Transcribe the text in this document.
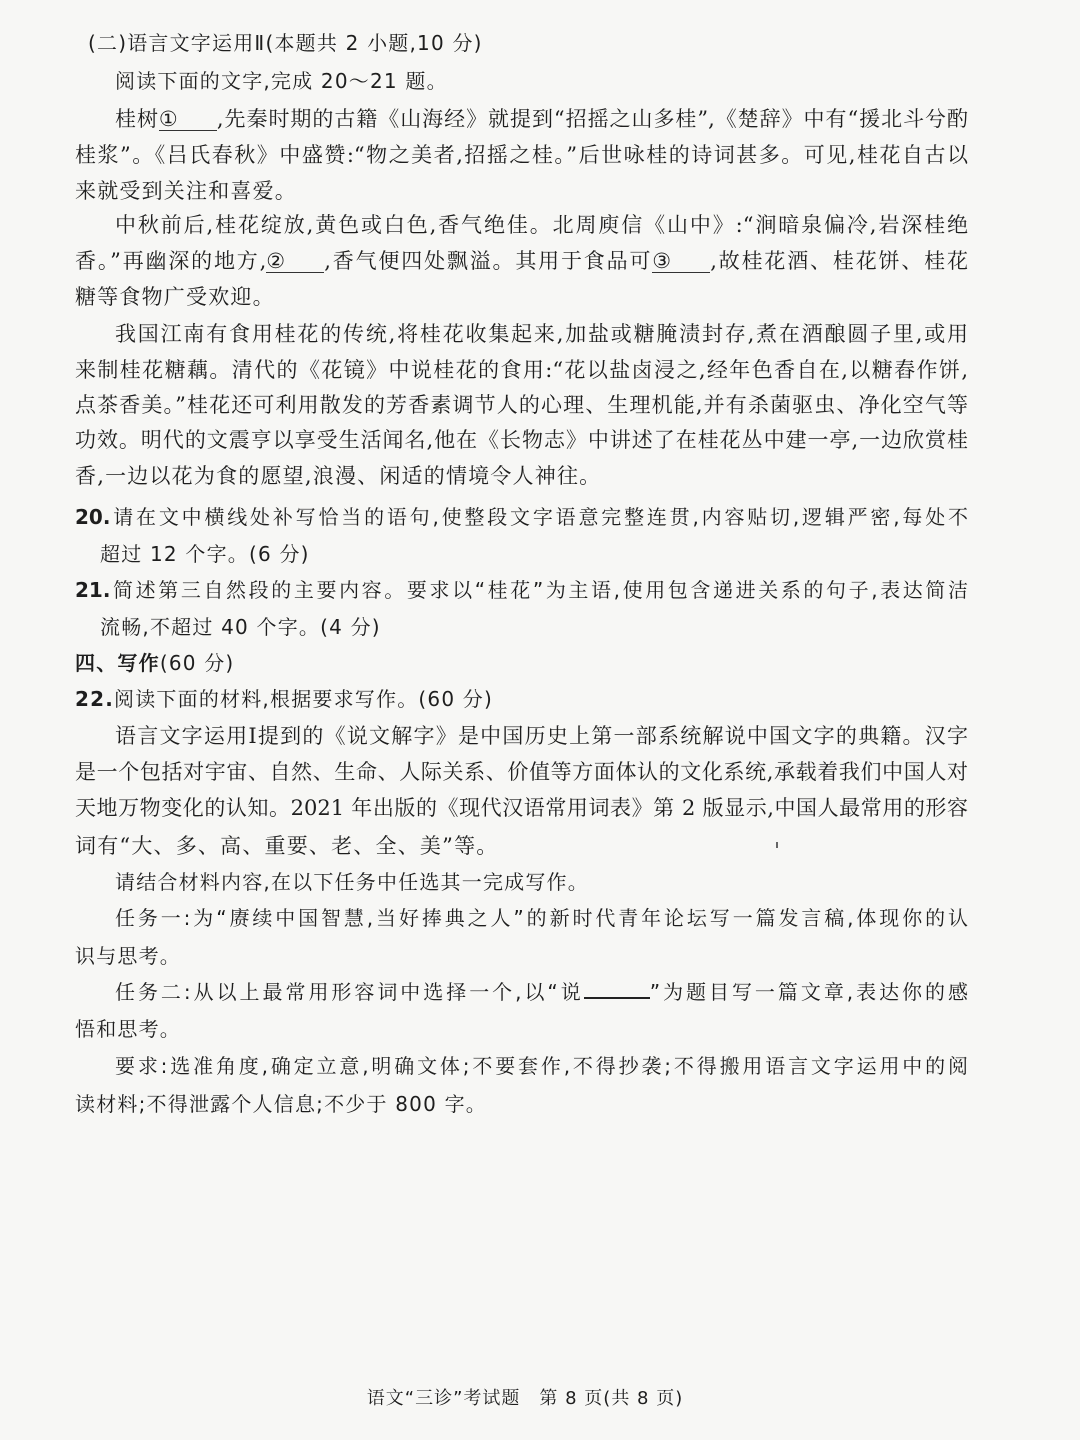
(二)语言文字运用Ⅱ(本题共 2 小题,10 分)
阅读下面的文字,完成 20～21 题。
桂树① ,先秦时期的古籍《山海经》就提到“招摇之山多桂”,《楚辞》中有“援北斗兮酌
桂浆”。《吕氏春秋》中盛赞:“物之美者,招摇之桂。”后世咏桂的诗词甚多。可见,桂花自古以
来就受到关注和喜爱。
中秋前后,桂花绽放,黄色或白色,香气绝佳。北周庾信《山中》:“涧暗泉偏冷,岩深桂绝
香。”再幽深的地方,② ,香气便四处飘溢。其用于食品可③ ,故桂花酒、桂花饼、桂花
糖等食物广受欢迎。
我国江南有食用桂花的传统,将桂花收集起来,加盐或糖腌渍封存,煮在酒酿圆子里,或用
来制桂花糖藕。清代的《花镜》中说桂花的食用:“花以盐卤浸之,经年色香自在,以糖舂作饼,
点茶香美。”桂花还可利用散发的芳香素调节人的心理、生理机能,并有杀菌驱虫、净化空气等
功效。明代的文震亨以享受生活闻名,他在《长物志》中讲述了在桂花丛中建一亭,一边欣赏桂
香,一边以花为食的愿望,浪漫、闲适的情境令人神往。
20.请在文中横线处补写恰当的语句,使整段文字语意完整连贯,内容贴切,逻辑严密,每处不
超过 12 个字。(6 分)
21.简述第三自然段的主要内容。要求以“桂花”为主语,使用包含递进关系的句子,表达简洁
流畅,不超过 40 个字。(4 分)
四、写作(60 分)
22.阅读下面的材料,根据要求写作。(60 分)
语言文字运用Ⅰ提到的《说文解字》是中国历史上第一部系统解说中国文字的典籍。汉字
是一个包括对宇宙、自然、生命、人际关系、价值等方面体认的文化系统,承载着我们中国人对
天地万物变化的认知。2021 年出版的《现代汉语常用词表》第 2 版显示,中国人最常用的形容
词有“大、多、高、重要、老、全、美”等。
请结合材料内容,在以下任务中任选其一完成写作。
任务一:为“赓续中国智慧,当好捧典之人”的新时代青年论坛写一篇发言稿,体现你的认
识与思考。
任务二:从以上最常用形容词中选择一个,以“说	”为题目写一篇文章,表达你的感
悟和思考。
要求:选准角度,确定立意,明确文体;不要套作,不得抄袭;不得搬用语言文字运用中的阅
读材料;不得泄露个人信息;不少于 800 字。
语文“三诊”考试题　第 8 页(共 8 页)
